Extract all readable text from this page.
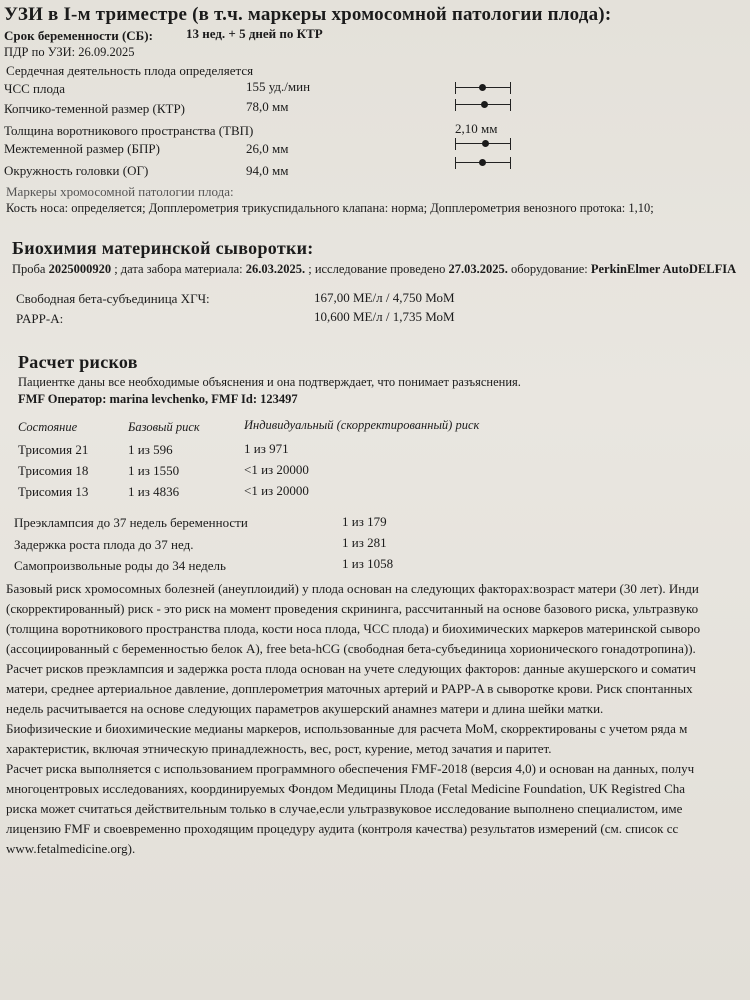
УЗИ в I-м триместре (в т.ч. маркеры хромосомной патологии плода):
Срок беременности (СБ):	13 нед. + 5 дней по КТР
ПДР по УЗИ: 26.09.2025
Сердечная деятельность плода определяется
ЧСС плода	155 уд./мин
Копчико-теменной размер (КТР)	78,0 мм
Толщина воротникового пространства (ТВП)	2,10 мм
Межтеменной размер (БПР)	26,0 мм
Окружность головки (ОГ)	94,0 мм
Маркеры хромосомной патологии плода:
Кость носа: определяется; Допплерометрия трикуспидального клапана: норма; Допплерометрия венозного протока: 1,10;
Биохимия материнской сыворотки:
Проба 2025000920 ; дата забора материала: 26.03.2025. ; исследование проведено 27.03.2025. оборудование: PerkinElmer AutoDELFIA
Свободная бета-субъединица ХГЧ:	167,00 МЕ/л / 4,750 МоМ
PAPP-A:	10,600 МЕ/л / 1,735 МоМ
Расчет рисков
Пациентке даны все необходимые объяснения и она подтверждает, что понимает разъяснения.
FMF Оператор: marina levchenko, FMF Id: 123497
Состояние	Базовый риск	Индивидуальный (скорректированный) риск
Трисомия 21	1 из 596	1 из 971
Трисомия 18	1 из 1550	<1 из 20000
Трисомия 13	1 из 4836	<1 из 20000
Преэклампсия до 37 недель беременности	1 из 179
Задержка роста плода до 37 нед.	1 из 281
Самопроизвольные роды до 34 недель	1 из 1058
Базовый риск хромосомных болезней (анеуплоидий) у плода основан на следующих факторах:возраст матери (30 лет). Инди
(скорректированный) риск - это риск на момент проведения скрининга, рассчитанный на основе базового риска, ультразвуко
(толщина воротникового пространства плода, кости носа плода, ЧСС плода) и биохимических маркеров материнской сыворо
(ассоциированный с беременностью белок А), free beta-hCG (свободная бета-субъединица хорионического гонадотропина)).
Расчет рисков преэклампсия и задержка роста плода основан на учете следующих факторов: данные акушерского и соматич
матери, среднее артериальное давление, допплерометрия маточных артерий и PAPP-A в сыворотке крови. Риск спонтанных
недель расчитывается на основе следующих параметров акушерский анамнез матери и длина шейки матки.
Биофизические и биохимические медианы маркеров, использованные для расчета МоМ, скорректированы с учетом ряда м
характеристик, включая этническую принадлежность, вес, рост, курение, метод зачатия и паритет.
Расчет риска выполняется с использованием программного обеспечения FMF-2018 (версия 4,0) и основан на данных, получ
многоцентровых исследованиях, координируемых Фондом Медицины Плода (Fetal Medicine Foundation, UK Registred Cha
риска может считаться действительным только в случае,если ультразвуковое исследование выполнено специалистом, име
лицензию FMF и своевременно проходящим процедуру аудита (контроля качества) результатов измерений (см. список сс
www.fetalmedicine.org).
